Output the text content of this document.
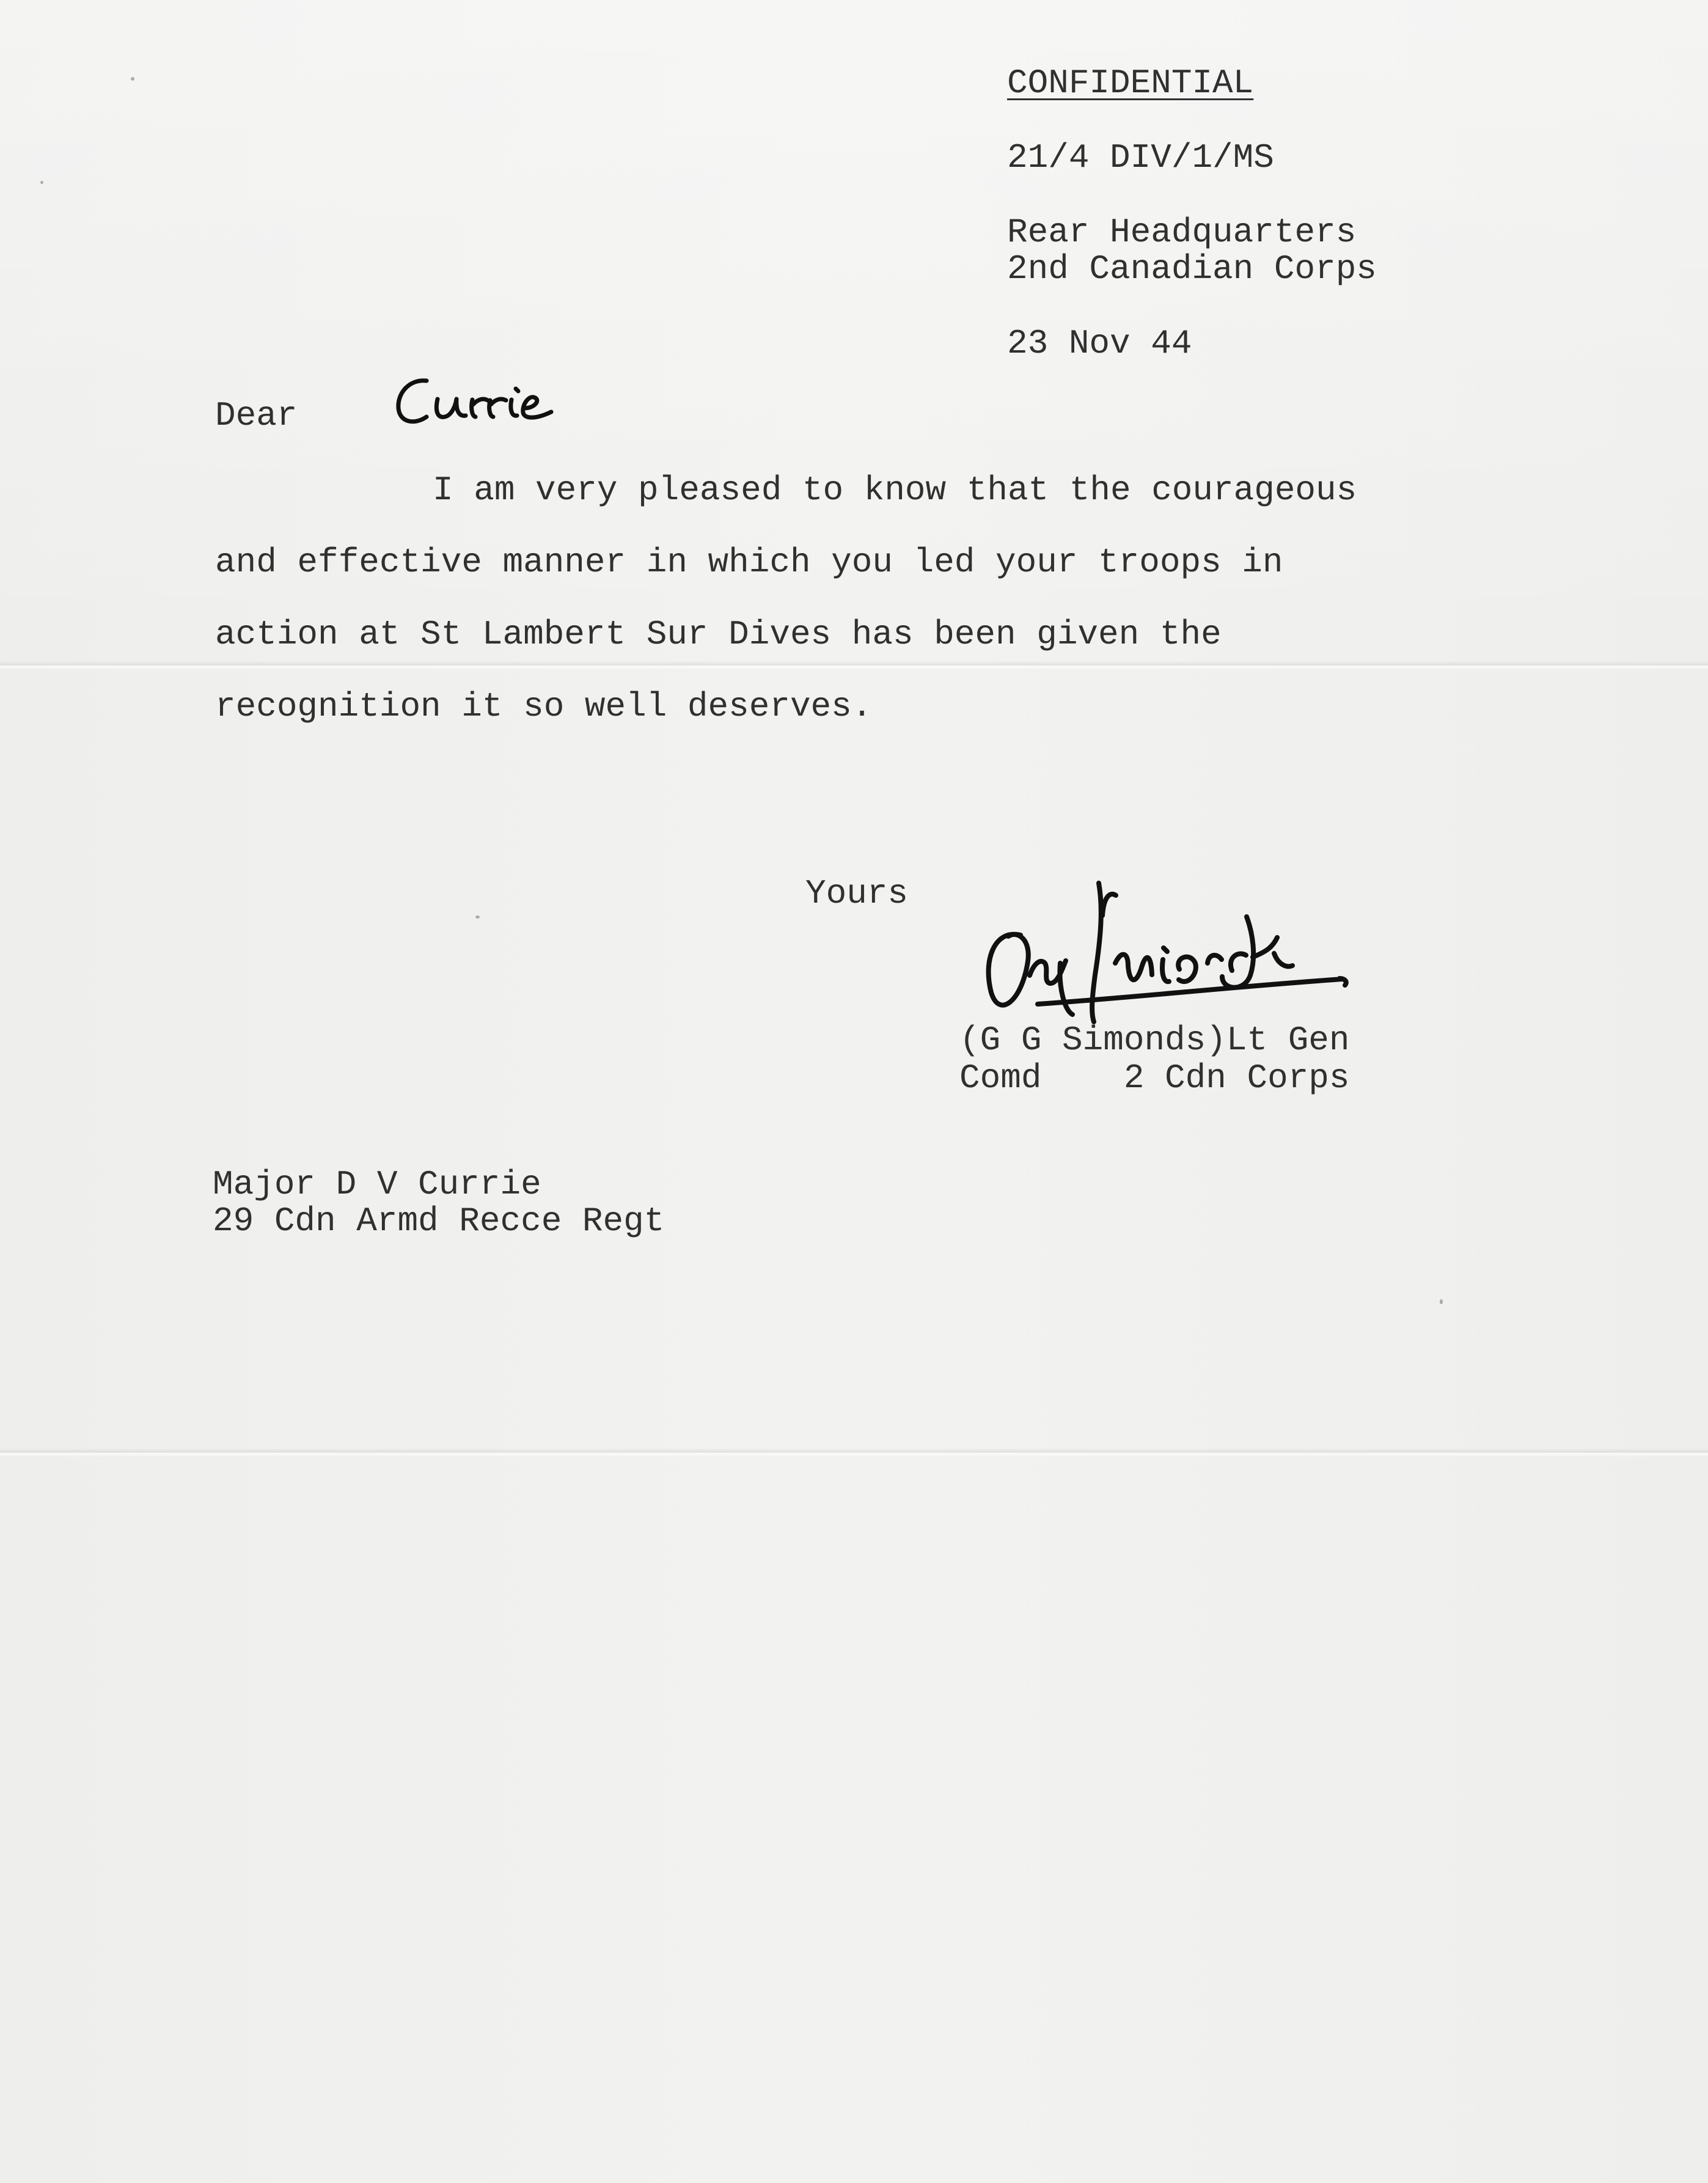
CONFIDENTIAL
21/4 DIV/1/MS
Rear Headquarters
2nd Canadian Corps
23 Nov 44
Dear
I am very pleased to know that the courageous
and effective manner in which you led your troops in
action at St Lambert Sur Dives has been given the
recognition it so well deserves.
Yours
(G G Simonds)Lt Gen
Comd    2 Cdn Corps
Major D V Currie
29 Cdn Armd Recce Regt
